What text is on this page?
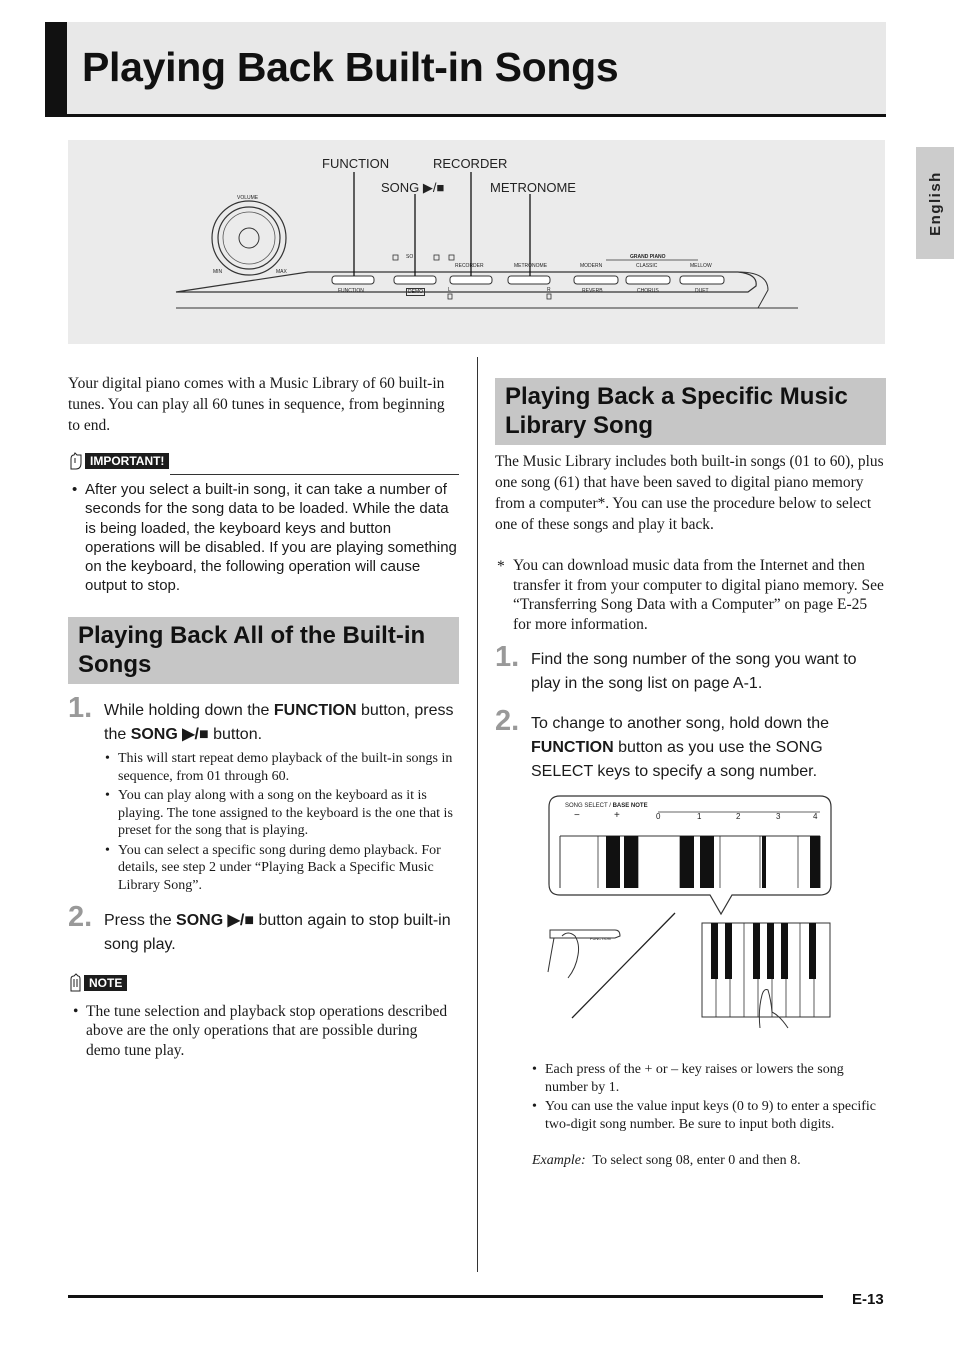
Playing Back Built-in Songs
English
FUNCTION	RECORDER
SONG ▶/■	METRONOME
VOLUME
MIN	MAX
SO
RECORDER	METRONOME
GRAND PIANO
MODERN	CLASSIC	MELLOW
FUNCTION	DEMO	L	R	REVERB	CHORUS	DUET

Your digital piano comes with a Music Library of 60 built-in tunes. You can play all 60 tunes in sequence, from beginning to end.

IMPORTANT!
• After you select a built-in song, it can take a number of seconds for the song data to be loaded. While the data is being loaded, the keyboard keys and button operations will be disabled. If you are playing something on the keyboard, the following operation will cause output to stop.
Playing Back All of the Built-in Songs
1. While holding down the FUNCTION button, press the SONG ▶/■ button.

• This will start repeat demo playback of the built-in songs in sequence, from 01 through 60.
• You can play along with a song on the keyboard as it is playing. The tone assigned to the keyboard is the one that is preset for the song that is playing.
• You can select a specific song during demo playback. For details, see step 2 under “Playing Back a Specific Music Library Song”.
2. Press the SONG ▶/■ button again to stop built-in song play.

NOTE
• The tune selection and playback stop operations described above are the only operations that are possible during demo tune play.
Playing Back a Specific Music Library Song

The Music Library includes both built-in songs (01 to 60), plus one song (61) that have been saved to digital piano memory from a computer*. You can use the procedure below to select one of these songs and play it back.

* You can download music data from the Internet and then transfer it from your computer to digital piano memory. See “Transferring Song Data with a Computer” on page E-25 for more information.

1. Find the song number of the song you want to play in the song list on page A-1.

2. To change to another song, hold down the FUNCTION button as you use the SONG SELECT keys to specify a song number.

SONG SELECT / BASE NOTE
−	+	0	1	2	3	4
FUNCTION
• Each press of the + or – key raises or lowers the song number by 1.
• You can use the value input keys (0 to 9) to enter a specific two-digit song number. Be sure to input both digits.

Example: To select song 08, enter 0 and then 8.

E-13
